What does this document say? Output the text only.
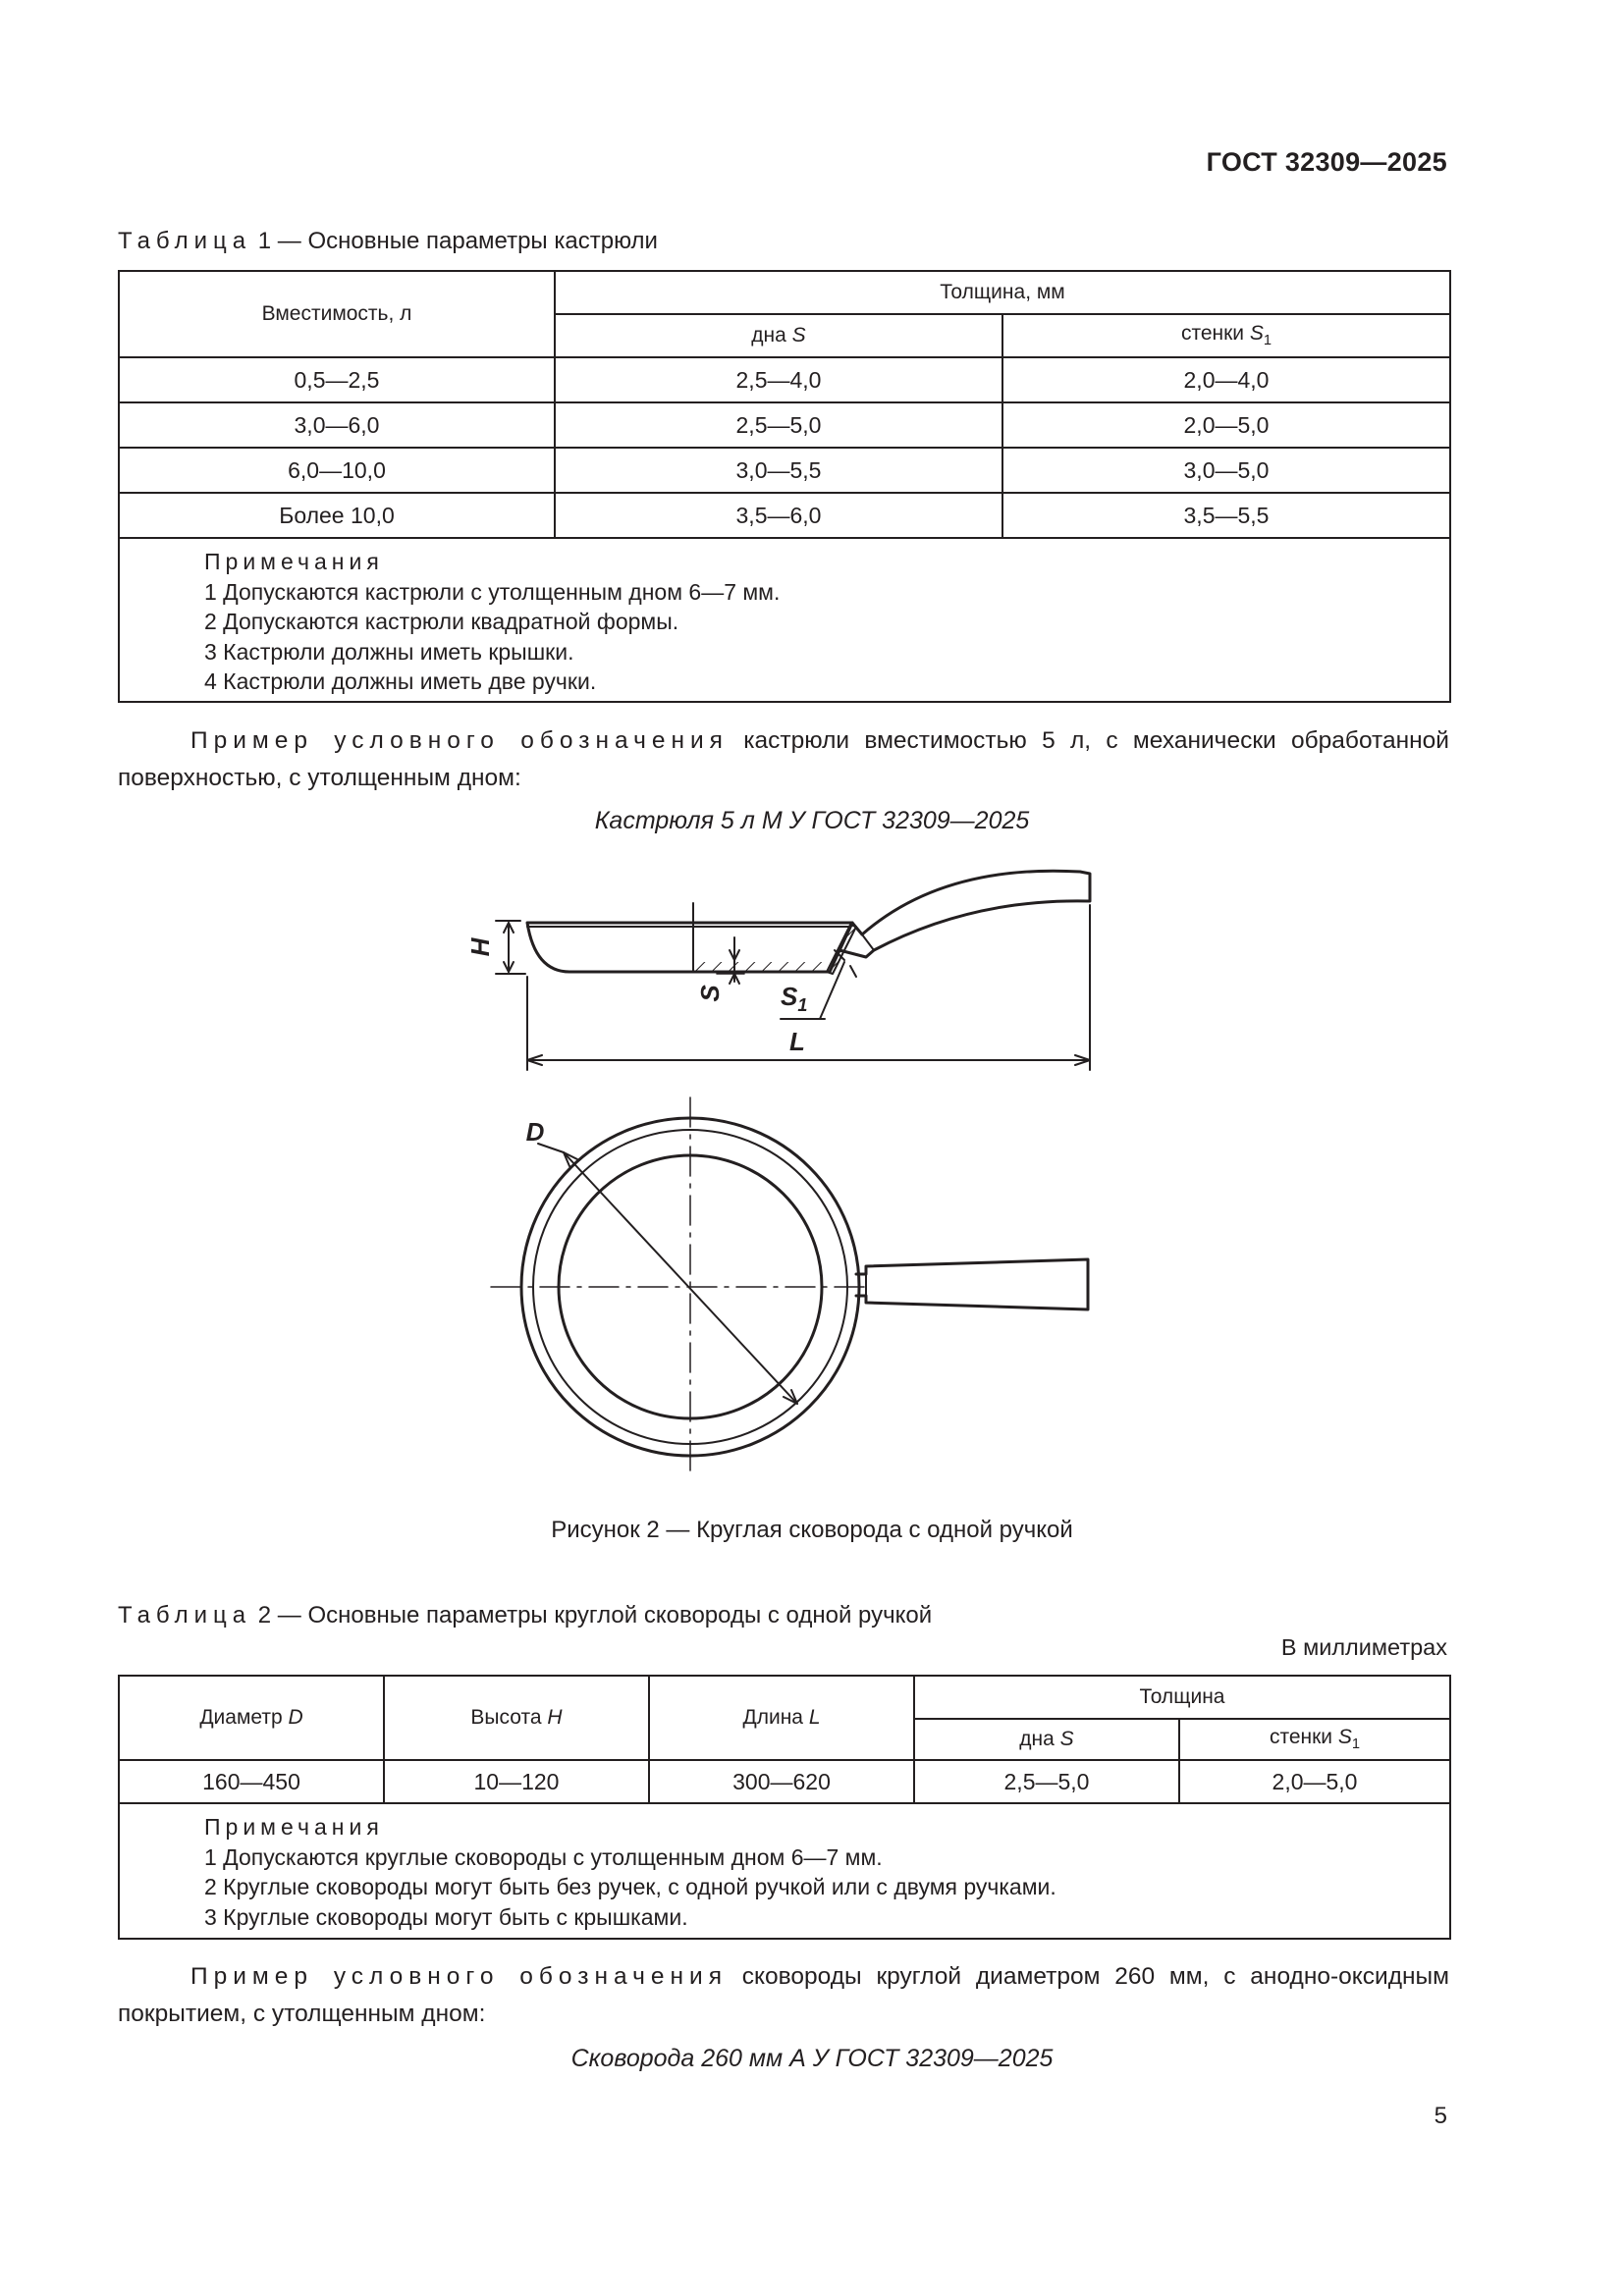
ГОСТ 32309—2025
Таблица 1 — Основные параметры кастрюли
Вместимость, л	Толщина, мм	
	дна S	стенки $S_1$
0,5—2,5	2,5—4,0	2,0—4,0
3,0—6,0	2,5—5,0	2,0—5,0
6,0—10,0	3,0—5,5	3,0—5,0
Более 10,0	3,5—6,0	3,5—5,5

Примечания
1 Допускаются кастрюли с утолщенным дном 6—7 мм.
2 Допускаются кастрюли квадратной формы.
3 Кастрюли должны иметь крышки.
4 Кастрюли должны иметь две ручки.		
Пример условного обозначения кастрюли вместимостью 5 л, с механически обработанной поверхностью, с утолщенным дном:
Кастрюля 5 л М У ГОСТ 32309—2025
H
S $S_1$
L
D
Рисунок 2 — Круглая сковорода с одной ручкой
Таблица 2 — Основные параметры круглой сковороды с одной ручкой
В миллиметрах
Диаметр D	Высота H	Длина L	Толщина	
			дна S	стенки $S_1$
160—450	10—120	300—620	2,5—5,0	2,0—5,0

Примечания
1 Допускаются круглые сковороды с утолщенным дном 6—7 мм.
2 Круглые сковороды могут быть без ручек, с одной ручкой или с двумя ручками.
3 Круглые сковороды могут быть с крышками.				
Пример условного обозначения сковороды круглой диаметром 260 мм, с анодно-оксидным покрытием, с утолщенным дном:
Сковорода 260 мм А У ГОСТ 32309—2025
5
